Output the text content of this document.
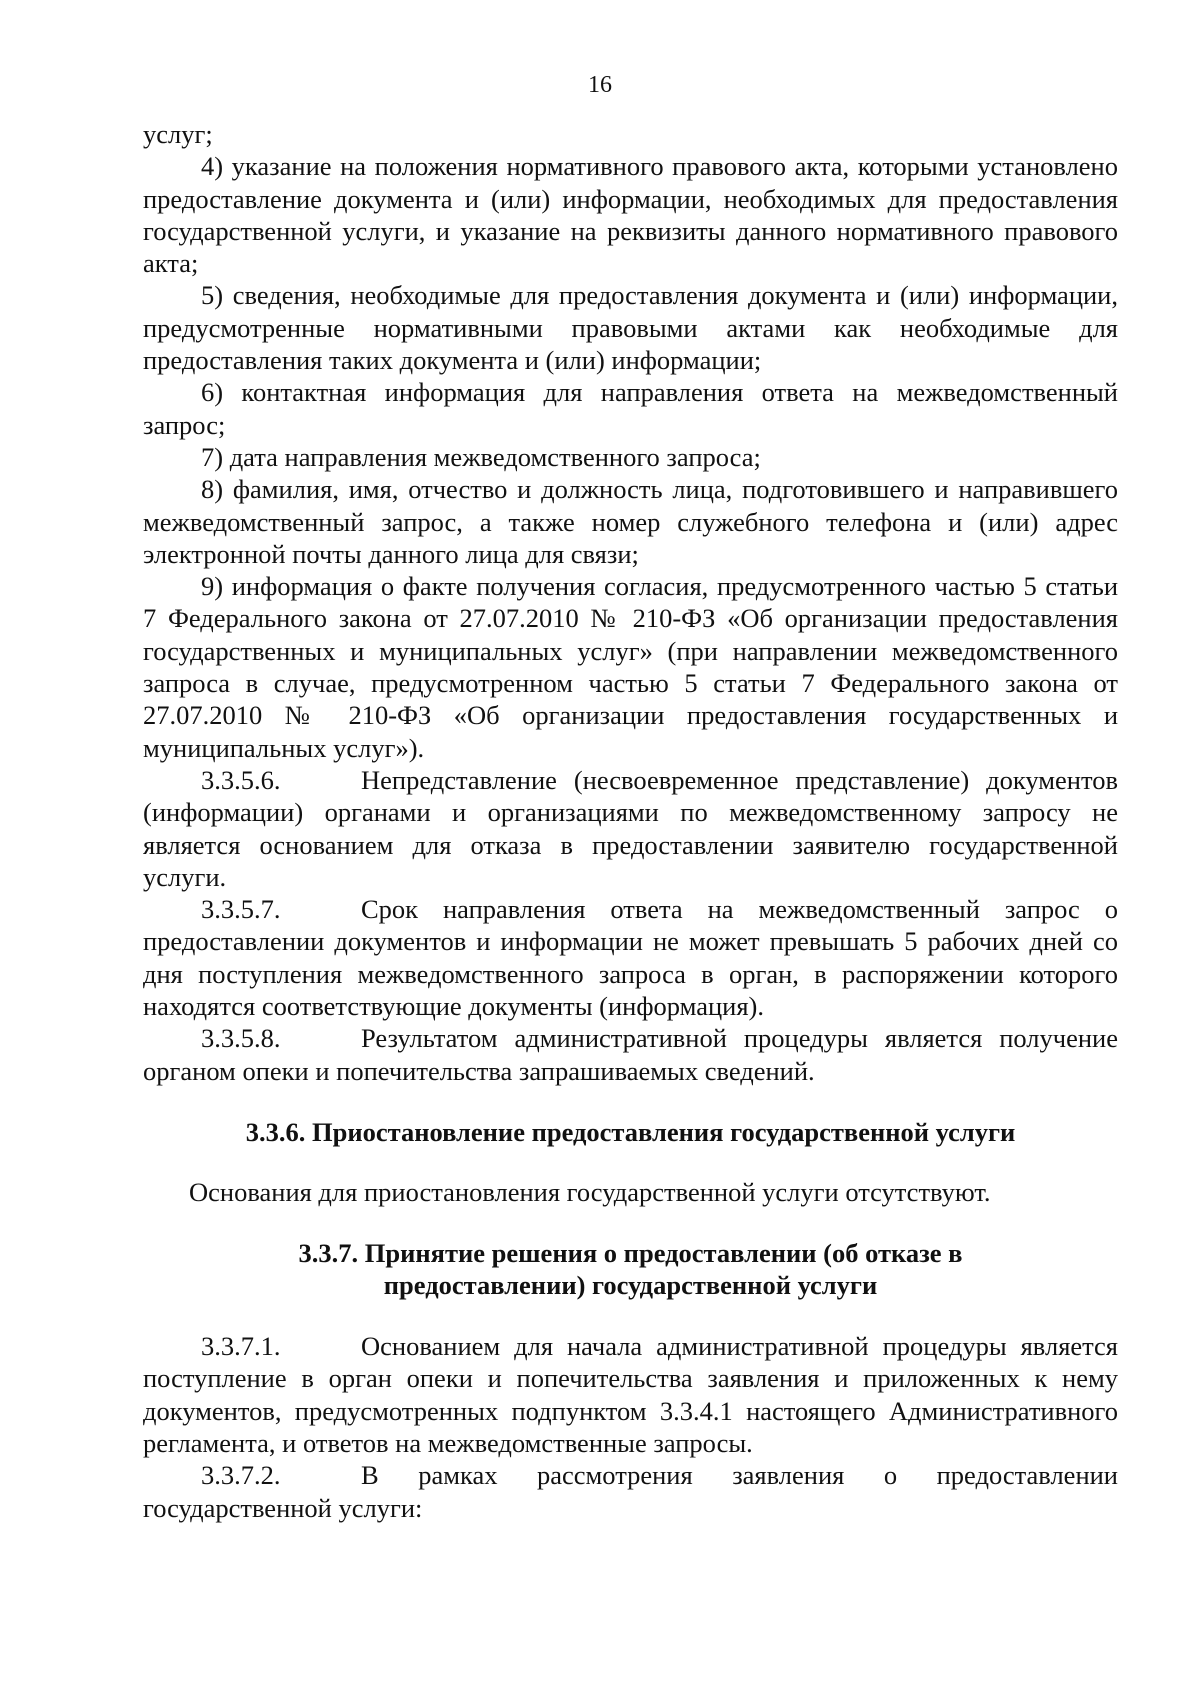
16

услуг;

4) указание на положения нормативного правового акта, которыми установлено предоставление документа и (или) информации, необходимых для предоставления государственной услуги, и указание на реквизиты данного нормативного правового акта;

5) сведения, необходимые для предоставления документа и (или) информации, предусмотренные нормативными правовыми актами как необходимые для предоставления таких документа и (или) информации;

6) контактная информация для направления ответа на межведомственный запрос;

7) дата направления межведомственного запроса;

8) фамилия, имя, отчество и должность лица, подготовившего и направившего межведомственный запрос, а также номер служебного телефона и (или) адрес электронной почты данного лица для связи;

9) информация о факте получения согласия, предусмотренного частью 5 статьи 7 Федерального закона от 27.07.2010 № 210-ФЗ «Об организации предоставления государственных и муниципальных услуг» (при направлении межведомственного запроса в случае, предусмотренном частью 5 статьи 7 Федерального закона от 27.07.2010 № 210-ФЗ «Об организации предоставления государственных и муниципальных услуг»).

3.3.5.6.	Непредставление (несвоевременное представление) документов (информации) органами и организациями по межведомственному запросу не является основанием для отказа в предоставлении заявителю государственной услуги.

3.3.5.7.	Срок направления ответа на межведомственный запрос о предоставлении документов и информации не может превышать 5 рабочих дней со дня поступления межведомственного запроса в орган, в распоряжении которого находятся соответствующие документы (информация).

3.3.5.8.	Результатом административной процедуры является получение органом опеки и попечительства запрашиваемых сведений.

3.3.6. Приостановление предоставления государственной услуги

Основания для приостановления государственной услуги отсутствуют.

3.3.7. Принятие решения о предоставлении (об отказе в

предоставлении) государственной услуги

3.3.7.1.	Основанием для начала административной процедуры является поступление в орган опеки и попечительства заявления и приложенных к нему документов, предусмотренных подпунктом 3.3.4.1 настоящего Административного регламента, и ответов на межведомственные запросы.

3.3.7.2.	В рамках рассмотрения заявления о предоставлении государственной услуги:
